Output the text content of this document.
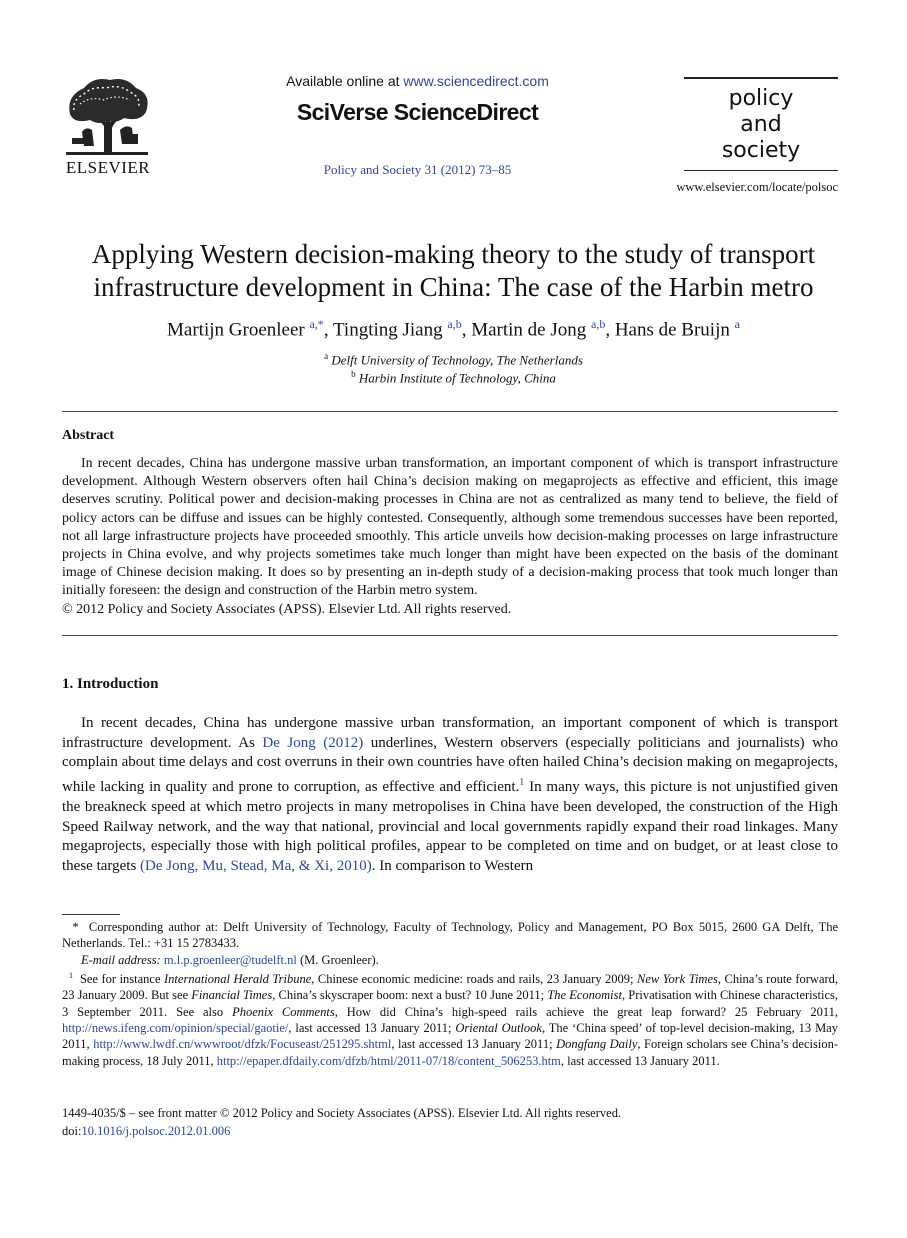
ELSEVIER
Available online at www.sciencedirect.com
SciVerse ScienceDirect
Policy and Society 31 (2012) 73–85
policy
and
society
www.elsevier.com/locate/polsoc
Applying Western decision-making theory to the study of transport
infrastructure development in China: The case of the Harbin metro
Martijn Groenleer $^{a,*}$, Tingting Jiang $^{a,b}$, Martin de Jong $^{a,b}$, Hans de Bruijn $^a$
$^a$ Delft University of Technology, The Netherlands
$^b$ Harbin Institute of Technology, China
Abstract

In recent decades, China has undergone massive urban transformation, an important component of which is transport infrastructure development. Although Western observers often hail China’s decision making on megaprojects as effective and efficient, this image deserves scrutiny. Political power and decision-making processes in China are not as centralized as many tend to believe, the field of policy actors can be diffuse and issues can be highly contested. Consequently, although some tremendous successes have been reported, not all large infrastructure projects have proceeded smoothly. This article unveils how decision-making processes on large infrastructure projects in China evolve, and why projects sometimes take much longer than might have been expected on the basis of the dominant image of Chinese decision making. It does so by presenting an in-depth study of a decision-making process that took much longer than initially foreseen: the design and construction of the Harbin metro system.

© 2012 Policy and Society Associates (APSS). Elsevier Ltd. All rights reserved.
1. Introduction

In recent decades, China has undergone massive urban transformation, an important component of which is transport infrastructure development. As De Jong (2012) underlines, Western observers (especially politicians and journalists) who complain about time delays and cost overruns in their own countries have often hailed China’s decision making on megaprojects, while lacking in quality and prone to corruption, as effective and efficient.$^1$ In many ways, this picture is not unjustified given the breakneck speed at which metro projects in many metropolises in China have been developed, the construction of the High Speed Railway network, and the way that national, provincial and local governments rapidly expand their road linkages. Many megaprojects, especially those with high political profiles, appear to be completed on time and on budget, or at least close to these targets (De Jong, Mu, Stead, Ma, & Xi, 2010). In comparison to Western

* Corresponding author at: Delft University of Technology, Faculty of Technology, Policy and Management, PO Box 5015, 2600 GA Delft, The Netherlands. Tel.: +31 15 2783433.

E-mail address: m.l.p.groenleer@tudelft.nl (M. Groenleer).

$^1$ See for instance International Herald Tribune, Chinese economic medicine: roads and rails, 23 January 2009; New York Times, China’s route forward, 23 January 2009. But see Financial Times, China’s skyscraper boom: next a bust? 10 June 2011; The Economist, Privatisation with Chinese characteristics, 3 September 2011. See also Phoenix Comments, How did China’s high-speed rails achieve the great leap forward? 25 February 2011, http://news.ifeng.com/opinion/special/gaotie/, last accessed 13 January 2011; Oriental Outlook, The ‘China speed’ of top-level decision-making, 13 May 2011, http://www.lwdf.cn/wwwroot/dfzk/Focuseast/251295.shtml, last accessed 13 January 2011; Dongfang Daily, Foreign scholars see China’s decision-making process, 18 July 2011, http://epaper.dfdaily.com/dfzb/html/2011-07/18/content_506253.htm, last accessed 13 January 2011.

1449-4035/$ – see front matter © 2012 Policy and Society Associates (APSS). Elsevier Ltd. All rights reserved.
doi:10.1016/j.polsoc.2012.01.006
